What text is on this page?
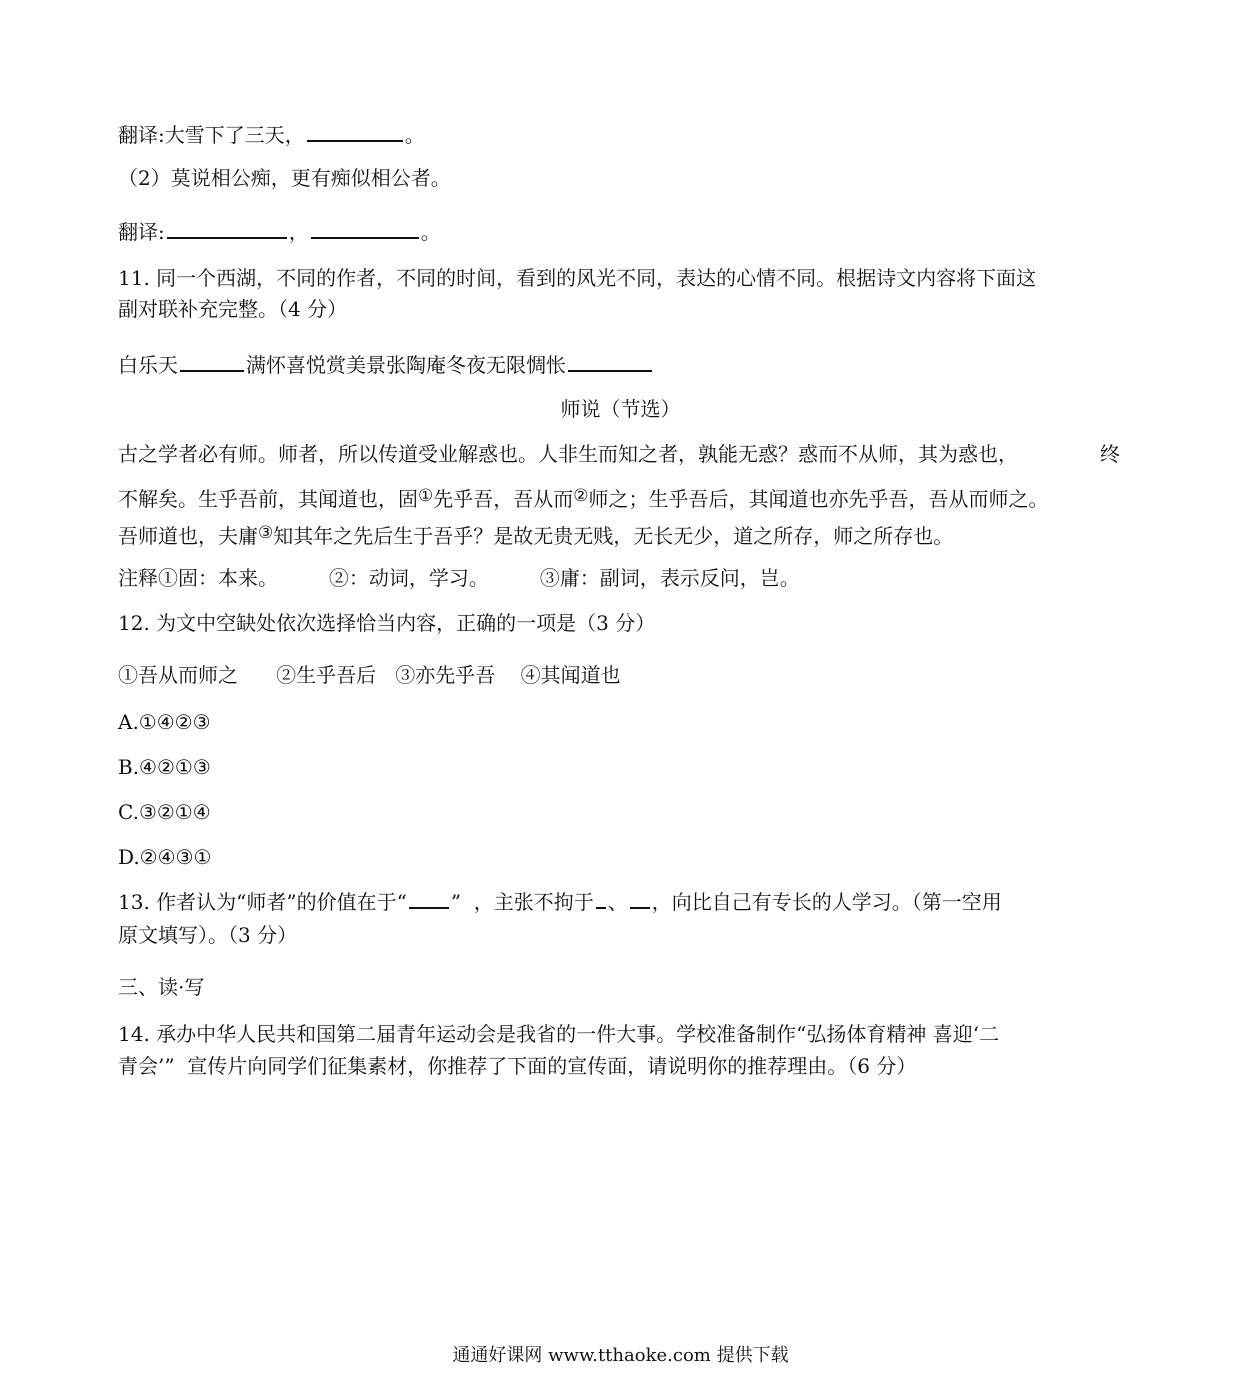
翻译:大雪下了三天，	。
（2）莫说相公痴，更有痴似相公者。
翻译:	，	。
11. 同一个西湖，不同的作者，不同的时间，看到的风光不同，表达的心情不同。根据诗文内容将下面这
副对联补充完整。（4 分）
白乐天	满怀喜悦赏美景张陶庵冬夜无限惆怅
师说（节选）
古之学者必有师。师者，所以传道受业解惑也。人非生而知之者，孰能无惑？惑而不从师，其为惑也，	终
不解矣。生乎吾前，其闻道也，固①先乎吾，吾从而②师之；生乎吾后，其闻道也亦先乎吾，吾从而师之。
吾师道也，夫庸③知其年之先后生于吾乎？是故无贵无贱，无长无少，道之所存，师之所存也。
注释①固：本来。        ②：动词，学习。        ③庸：副词，表示反问，岂。
12. 为文中空缺处依次选择恰当内容，正确的一项是（3 分）
①吾从而师之      ②生乎吾后   ③亦先乎吾    ④其闻道也
A.①④②③
B.④②①③
C.③②①④
D.②④③①
13. 作者认为“师者”的价值在于“ ”  ，主张不拘于 、 ，向比自己有专长的人学习。（第一空用
原文填写）。（3 分）
三、读·写
14. 承办中华人民共和国第二届青年运动会是我省的一件大事。学校准备制作“弘扬体育精神 喜迎‘二
青会’”  宣传片向同学们征集素材，你推荐了下面的宣传面，请说明你的推荐理由。（6 分）
通通好课网 www.tthaoke.com 提供下载
